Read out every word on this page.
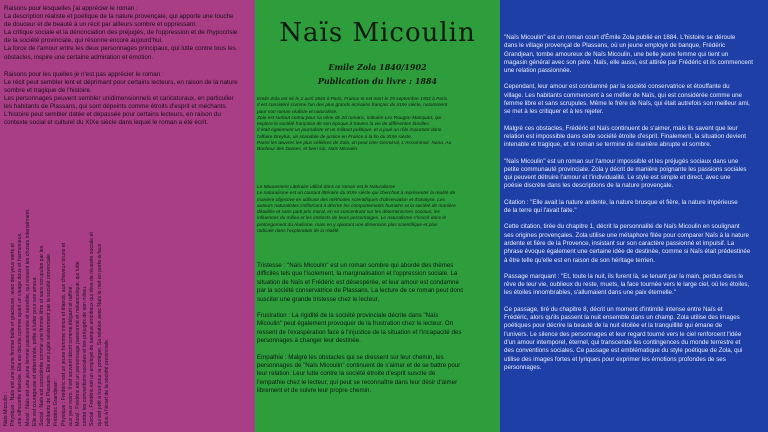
Raisons pour lesquelles j'ai apprécier le roman :
La description réaliste et poétique de la nature provençale, qui apporte une touche
de douceur et de beauté à un récit par ailleurs sombre et oppressant.
La critique sociale et la dénonciation des préjugés, de l'oppression et de l'hypocrisie
de la société provinciale, qui résonne encore aujourd'hui.
La force de l'amour entre les deux personnages principaux, qui lutte contre tous les
obstacles, inspire une certaine admiration et émotion.

Raisons pour les quelles je n'est pas apprécier le roman :
Le récit peut sembler lent et déprimant pour certains lecteurs, en raison de la nature
sombre et tragique de l'histoire.
Les personnages peuvent sembler unidimensionnels et caricaturaux, en particulier
les habitants de Plassans, qui sont dépeints comme étroits d'esprit et méchants.
L'histoire peut sembler datée et dépassée pour certains lecteurs, en raison du
contexte social et culturel du XIXe siècle dans lequel le roman a été écrit.

Naïs Micoulin :
Physique : Naïs est une jeune femme belle et gracieuse, avec des yeux verts et
une silhouette élancée. Elle est décrite comme ayant un visage doux et harmonieux.
Moral : Naïs est une jeune femme passionnée et sensible, qui ressent les choses intensément.
Elle est courageuse et déterminée, prête à lutter pour son amour.
Social : Naïs est considérée comme une femme libre et sans scrupules par les
habitants de Plassans. Elle est jugée sévèrement par la société provinciale.
Frédéric Grandjean :
Physique : Frédéric est un jeune homme mince et élancé, aux cheveux bruns et
aux yeux noirs. Il est souvent décrit comme élégant et raffiné.
Moral : Frédéric est un personnage passionné et mélancolique, qui lutte
contre les conventions sociales et les préjugés de son milieu.
Social : Frédéric est un employé de banque ambitieux qui rêve de réussite sociale et
qui est prêt à tout pour la protéger. Sa relation avec Naïs le met en porte-à-faux
plus à l'écart de la société provinciale.
Naïs Micoulin
Emile Zola 1840/1902
Publication du livre : 1884
Emile Zola est né le 2 avril 1840 à Paris, France et est mort le 29 septembre 1902 à Paris.
Il est considéré comme l'un des plus grands écrivains français du XIXe siècle, notamment
pour son roman réaliste et naturaliste.
Zola est surtout connu pour sa série de 20 romans, intitulée Les Rougon-Macquart, qui
explore la société française de son époque à travers la vie de différentes familles.
Il était également un journaliste et un militant politique, et a joué un rôle important dans
l'affaire Dreyfus, un scandale de justice en France à la fin du XIXe siècle.
Parmi les œuvres les plus célèbres de Zola, on peut citer Germinal, L'Assommoir, Nana, Au
Bonheur des Dames, et bien sûr, Naïs Micoulin.
Le Mouvement Littéraire utilisé dans ce roman est le Naturalisme
Le naturalisme est un courant littéraire du XIXe siècle qui cherchait à représenter la réalité de
manière objective en utilisant des méthodes scientifiques d'observation et d'analyse. Les
auteurs naturalistes s'efforcent à décrire les comportements humains et la société de manière
détaillée et sans parti pris moral, en se concentrant sur les déterminismes sociaux, les
influences du milieu et les instincts de leurs personnages. Le naturalisme s'inscrit dans le
prolongement du réalisme, mais en y ajoutant une dimension plus scientifique et plus
radicale dans l'exploration de la réalité.

Tristesse : "Naïs Micoulin" est un roman sombre qui aborde des thèmes
difficiles tels que l'isolement, la marginalisation et l'oppression sociale. La
situation de Naïs et Frédéric est désespérée, et leur amour est condamné
par la société conservatrice de Plassans. La lecture de ce roman peut donc
susciter une grande tristesse chez le lecteur.

Frustration : La rigidité de la société provinciale décrite dans "Naïs
Micoulin" peut également provoquer de la frustration chez le lecteur. On
ressent de l'exaspération face à l'injustice de la situation et l'incapacité des
personnages à changer leur destinée.

Empathie : Malgré les obstacles qui se dressent sur leur chemin, les
personnages de "Naïs Micoulin" continuent de s'aimer et de se battre pour
leur relation. Leur lutte contre la société étroite d'esprit suscite de
l'empathie chez le lecteur, qui peut se reconnaître dans leur désir d'aimer
librement et de suivre leur propre chemin.

"Naïs Micoulin" est un roman court d'Émile Zola publié en 1884. L'histoire se déroule
dans le village provençal de Plassans, où un jeune employé de banque, Frédéric
Grandjean, tombe amoureux de Naïs Micoulin, une belle jeune femme qui tient un
magasin général avec son père. Naïs, elle aussi, est attirée par Frédéric et ils commencent
une relation passionnée.

Cependant, leur amour est condamné par la société conservatrice et étouffante du
village. Les habitants commencent à se méfier de Naïs, qui est considérée comme une
femme libre et sans scrupules. Même le frère de Naïs, qui était autrefois son meilleur ami,
se met à les critiquer et à les rejeter.

Malgré ces obstacles, Frédéric et Naïs continuent de s'aimer, mais ils savent que leur
relation est impossible dans cette société étroite d'esprit. Finalement, la situation devient
intenable et tragique, et le roman se termine de manière abrupte et sombre.

"Naïs Micoulin" est un roman sur l'amour impossible et les préjugés sociaux dans une
petite communauté provinciale. Zola y décrit de manière poignante les passions sociales
qui peuvent détruire l'amour et l'individualité. Le style est simple et direct, avec une
poésie discrète dans les descriptions de la nature provençale.

Citation : "Elle avait la nature ardente, la nature brusque et fière, la nature impérieuse
de la terre qui l'avait faite."

Cette citation, tirée du chapitre 1, décrit la personnalité de Naïs Micoulin en soulignant
ses origines provençales. Zola utilise une métaphore filée pour comparer Naïs à la nature
ardente et fière de la Provence, insistant sur son caractère passionné et impulsif. La
phrase évoque également une certaine idée de destinée, comme si Naïs était prédestinée
à être telle qu'elle est en raison de son héritage terrien.

Passage marquant : "Et, toute la nuit, ils furent là, se tenant par la main, perdus dans le
rêve de leur vie, oublieux du reste, muets, la face tournée vers le large ciel, où les étoiles,
les étoiles innombrables, s'allumaient dans une paix éternelle."

Ce passage, tiré du chapitre 8, décrit un moment d'intimité intense entre Naïs et
Frédéric, alors qu'ils passent la nuit ensemble dans un champ. Zola utilise des images
poétiques pour décrire la beauté de la nuit étoilée et la tranquillité qui émane de
l'univers. Le silence des personnages et leur regard tourné vers le ciel renforcent l'idée
d'un amour intemporel, éternel, qui transcende les contingences du monde terrestre et
des conventions sociales. Ce passage est emblématique du style poétique de Zola, qui
utilise des images fortes et lyriques pour exprimer les émotions profondes de ses
personnages.
